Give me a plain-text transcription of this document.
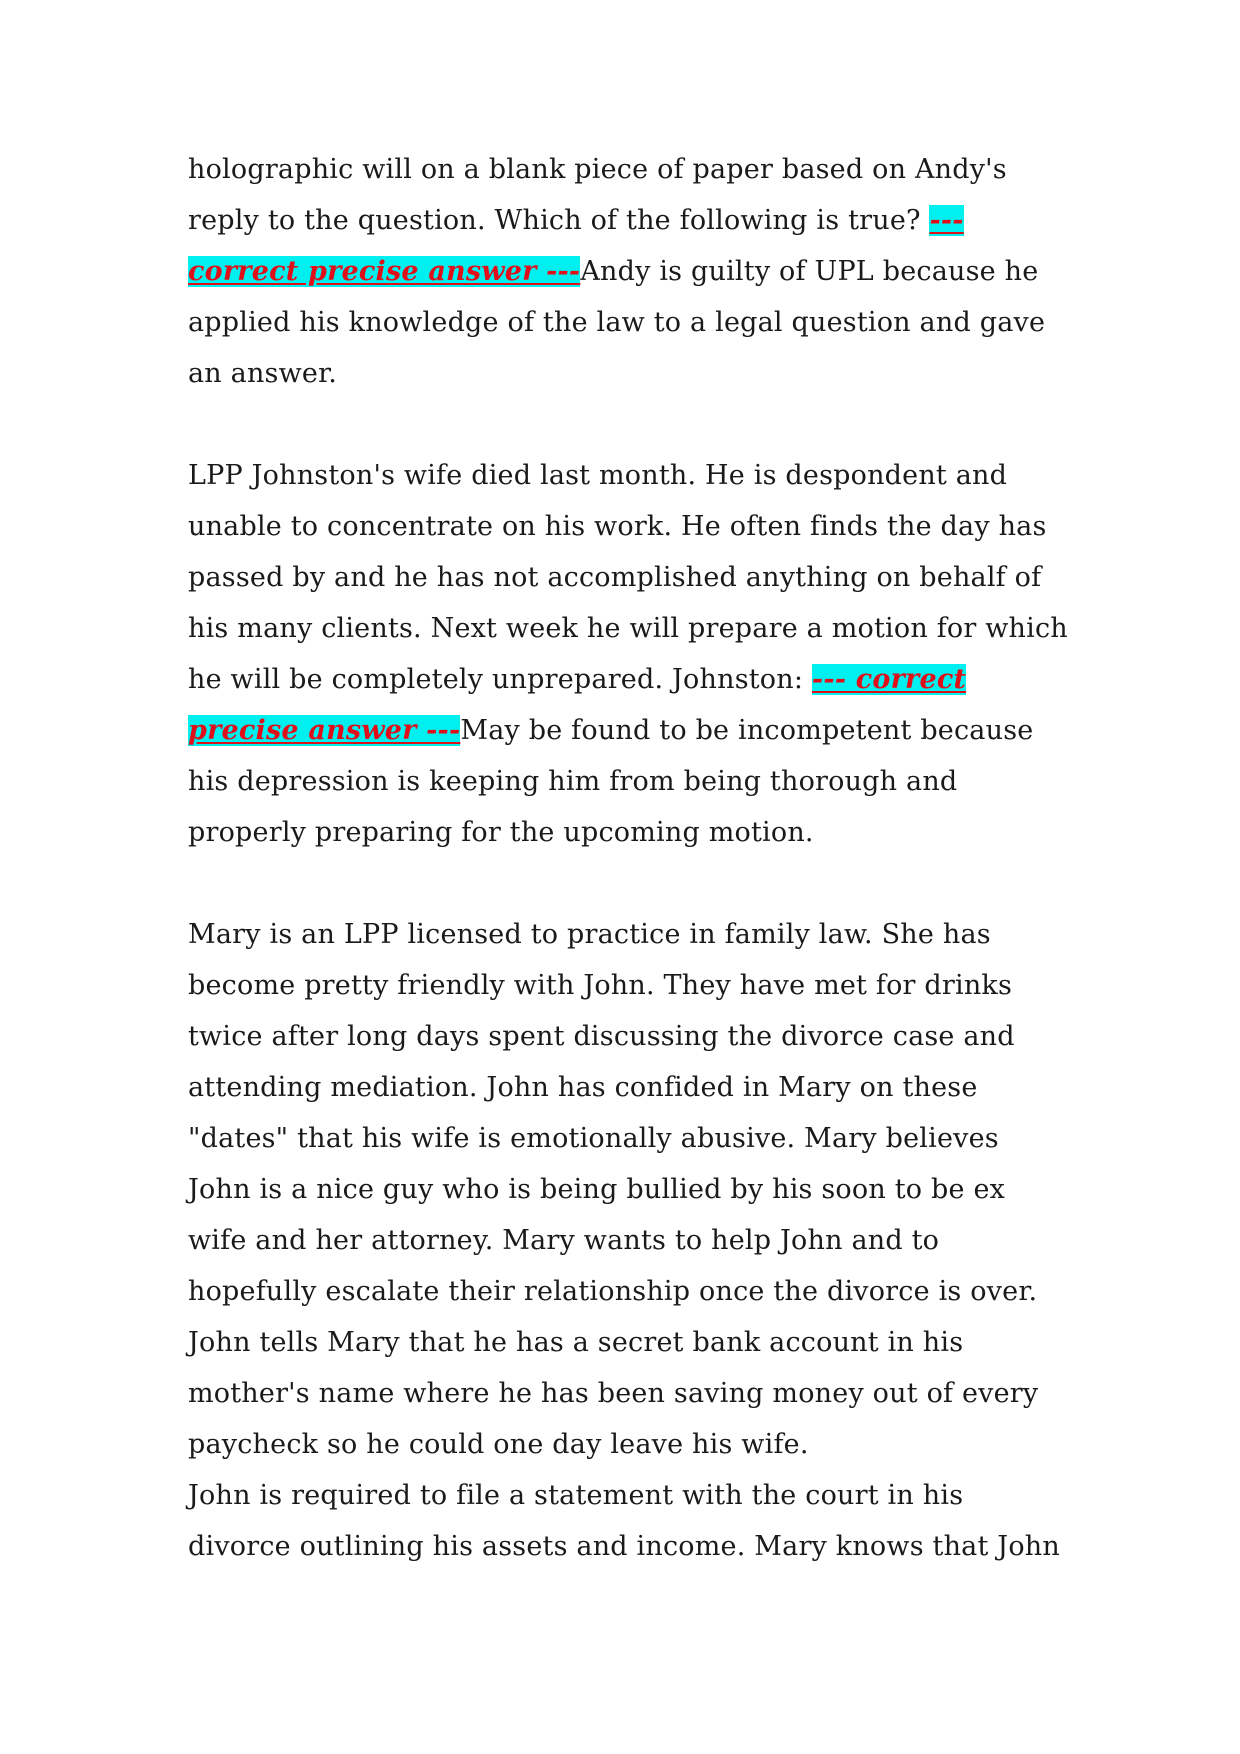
holographic will on a blank piece of paper based on Andy's reply to the question. Which of the following is true? --- correct precise answer ---Andy is guilty of UPL because he applied his knowledge of the law to a legal question and gave an answer.

LPP Johnston's wife died last month. He is despondent and unable to concentrate on his work. He often finds the day has passed by and he has not accomplished anything on behalf of his many clients. Next week he will prepare a motion for which he will be completely unprepared. Johnston: --- correct precise answer ---May be found to be incompetent because his depression is keeping him from being thorough and properly preparing for the upcoming motion.

Mary is an LPP licensed to practice in family law. She has become pretty friendly with John. They have met for drinks twice after long days spent discussing the divorce case and attending mediation. John has confided in Mary on these "dates" that his wife is emotionally abusive. Mary believes John is a nice guy who is being bullied by his soon to be ex wife and her attorney. Mary wants to help John and to hopefully escalate their relationship once the divorce is over. John tells Mary that he has a secret bank account in his mother's name where he has been saving money out of every paycheck so he could one day leave his wife.

John is required to file a statement with the court in his divorce outlining his assets and income. Mary knows that John
